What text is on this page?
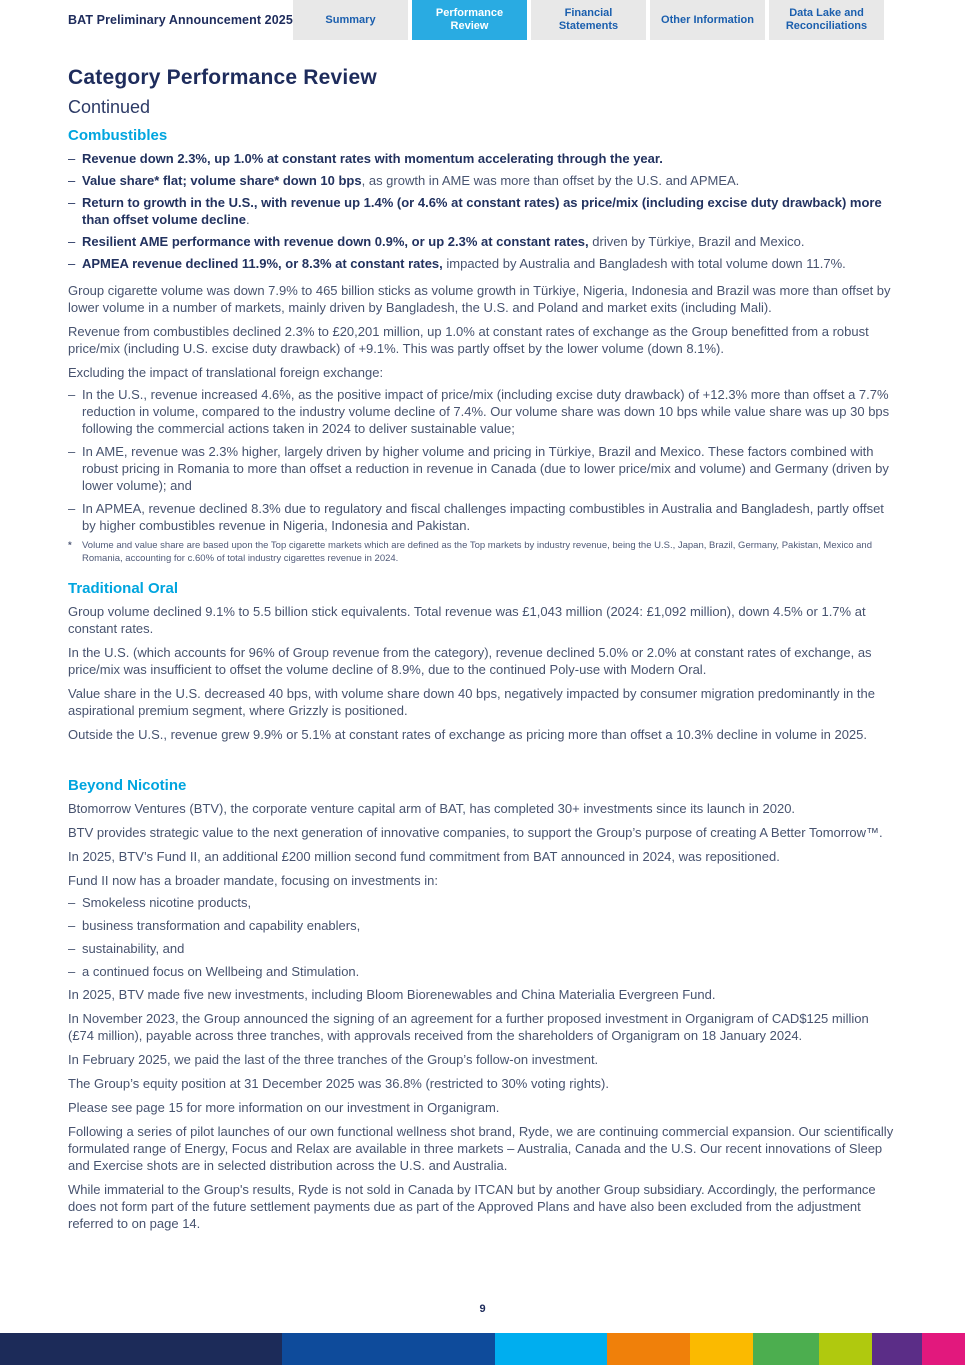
BAT Preliminary Announcement 2025	Summary
Performance Review
Financial Statements
Other Information
Data Lake and Reconciliations
Category Performance Review
Continued
Combustibles
– Revenue down 2.3%, up 1.0% at constant rates with momentum accelerating through the year.
– Value share* flat; volume share* down 10 bps, as growth in AME was more than offset by the U.S. and APMEA.
– Return to growth in the U.S., with revenue up 1.4% (or 4.6% at constant rates) as price/mix (including excise duty drawback) more than offset volume decline.
– Resilient AME performance with revenue down 0.9%, or up 2.3% at constant rates, driven by Türkiye, Brazil and Mexico.
– APMEA revenue declined 11.9%, or 8.3% at constant rates, impacted by Australia and Bangladesh with total volume down 11.7%.

Group cigarette volume was down 7.9% to 465 billion sticks as volume growth in Türkiye, Nigeria, Indonesia and Brazil was more than offset by lower volume in a number of markets, mainly driven by Bangladesh, the U.S. and Poland and market exits (including Mali).

Revenue from combustibles declined 2.3% to £20,201 million, up 1.0% at constant rates of exchange as the Group benefitted from a robust price/mix (including U.S. excise duty drawback) of +9.1%. This was partly offset by the lower volume (down 8.1%).

Excluding the impact of translational foreign exchange:

– In the U.S., revenue increased 4.6%, as the positive impact of price/mix (including excise duty drawback) of +12.3% more than offset a 7.7% reduction in volume, compared to the industry volume decline of 7.4%. Our volume share was down 10 bps while value share was up 30 bps following the commercial actions taken in 2024 to deliver sustainable value;
– In AME, revenue was 2.3% higher, largely driven by higher volume and pricing in Türkiye, Brazil and Mexico. These factors combined with robust pricing in Romania to more than offset a reduction in revenue in Canada (due to lower price/mix and volume) and Germany (driven by lower volume); and
– In APMEA, revenue declined 8.3% due to regulatory and fiscal challenges impacting combustibles in Australia and Bangladesh, partly offset by higher combustibles revenue in Nigeria, Indonesia and Pakistan.
*	Volume and value share are based upon the Top cigarette markets which are defined as the Top markets by industry revenue, being the U.S., Japan, Brazil, Germany, Pakistan, Mexico and Romania, accounting for c.60% of total industry cigarettes revenue in 2024.
Traditional Oral

Group volume declined 9.1% to 5.5 billion stick equivalents. Total revenue was £1,043 million (2024: £1,092 million), down 4.5% or 1.7% at constant rates.

In the U.S. (which accounts for 96% of Group revenue from the category), revenue declined 5.0% or 2.0% at constant rates of exchange, as price/mix was insufficient to offset the volume decline of 8.9%, due to the continued Poly-use with Modern Oral.

Value share in the U.S. decreased 40 bps, with volume share down 40 bps, negatively impacted by consumer migration predominantly in the aspirational premium segment, where Grizzly is positioned.

Outside the U.S., revenue grew 9.9% or 5.1% at constant rates of exchange as pricing more than offset a 10.3% decline in volume in 2025.

Beyond Nicotine

Btomorrow Ventures (BTV), the corporate venture capital arm of BAT, has completed 30+ investments since its launch in 2020.

BTV provides strategic value to the next generation of innovative companies, to support the Group’s purpose of creating A Better Tomorrow™.

In 2025, BTV’s Fund II, an additional £200 million second fund commitment from BAT announced in 2024, was repositioned.

Fund II now has a broader mandate, focusing on investments in:

– Smokeless nicotine products,
– business transformation and capability enablers,
– sustainability, and
– a continued focus on Wellbeing and Stimulation.

In 2025, BTV made five new investments, including Bloom Biorenewables and China Materialia Evergreen Fund.

In November 2023, the Group announced the signing of an agreement for a further proposed investment in Organigram of CAD$125 million (£74 million), payable across three tranches, with approvals received from the shareholders of Organigram on 18 January 2024.

In February 2025, we paid the last of the three tranches of the Group’s follow-on investment.

The Group’s equity position at 31 December 2025 was 36.8% (restricted to 30% voting rights).

Please see page 15 for more information on our investment in Organigram.

Following a series of pilot launches of our own functional wellness shot brand, Ryde, we are continuing commercial expansion. Our scientifically formulated range of Energy, Focus and Relax are available in three markets – Australia, Canada and the U.S. Our recent innovations of Sleep and Exercise shots are in selected distribution across the U.S. and Australia.

While immaterial to the Group's results, Ryde is not sold in Canada by ITCAN but by another Group subsidiary. Accordingly, the performance does not form part of the future settlement payments due as part of the Approved Plans and have also been excluded from the adjustment referred to on page 14.

9
